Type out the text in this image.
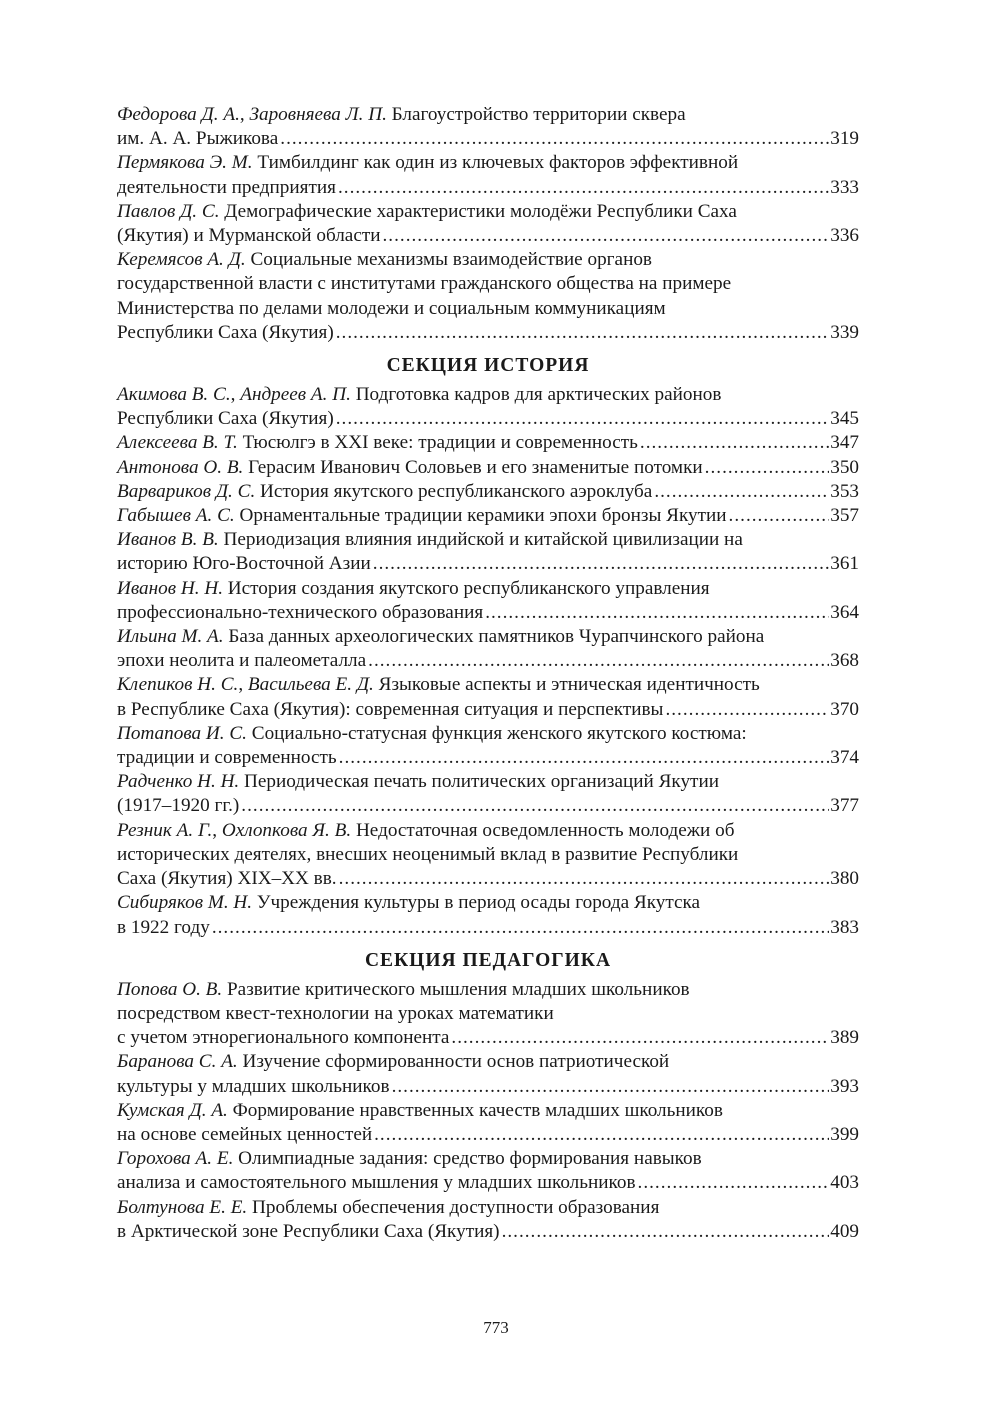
Федорова Д. А., Заровняева Л. П. Благоустройство территории сквера
им. А. А. Рыжикова .....	319
Пермякова Э. М. Тимбилдинг как один из ключевых факторов эффективной
деятельности предприятия .....	333
Павлов Д. С. Демографические характеристики молодёжи Республики Саха
(Якутия) и Мурманской области .....	336
Керемясов А. Д. Социальные механизмы взаимодействие органов
государственной власти с институтами гражданского общества на примере
Министерства по делами молодежи и социальным коммуникациям
Республики Саха (Якутия) .....	339
СЕКЦИЯ ИСТОРИЯ
Акимова В. С., Андреев А. П. Подготовка кадров для арктических районов
Республики Саха (Якутия) .....	345
Алексеева В. Т. Тюсюлгэ в XXI веке: традиции и современность .....	347
Антонова О. В. Герасим Иванович Соловьев и его знаменитые потомки .....	350
Варвариков Д. С. История якутского республиканского аэроклуба .....	353
Габышев А. С. Орнаментальные традиции керамики эпохи бронзы Якутии .....	357
Иванов В. В. Периодизация влияния индийской и китайской цивилизации на
историю Юго-Восточной Азии .....	361
Иванов Н. Н. История создания якутского республиканского управления
профессионально-технического образования .....	364
Ильина М. А. База данных археологических памятников Чурапчинского района
эпохи неолита и палеометалла .....	368
Клепиков Н. С., Васильева Е. Д. Языковые аспекты и этническая идентичность
в Республике Саха (Якутия): современная ситуация и перспективы .....	370
Потапова И. С. Социально-статусная функция женского якутского костюма:
традиции и современность .....	374
Радченко Н. Н. Периодическая печать политических организаций Якутии
(1917–1920 гг.) .....	377
Резник А. Г., Охлопкова Я. В. Недостаточная осведомленность молодежи об
исторических деятелях, внесших неоценимый вклад в развитие Республики
Саха (Якутия) XIX–XX вв. .....	380
Сибиряков М. Н. Учреждения культуры в период осады города Якутска
в 1922 году .....	383
СЕКЦИЯ ПЕДАГОГИКА
Попова О. В. Развитие критического мышления младших школьников
посредством квест-технологии на уроках математики
с учетом этнорегионального компонента .....	389
Баранова С. А. Изучение сформированности основ патриотической
культуры у младших школьников .....	393
Кумская Д. А. Формирование нравственных качеств младших школьников
на основе семейных ценностей .....	399
Горохова А. Е. Олимпиадные задания: средство формирования навыков
анализа и самостоятельного мышления у младших школьников .....	403
Болтунова Е. Е. Проблемы обеспечения доступности образования
в Арктической зоне Республики Саха (Якутия) .....	409
773
